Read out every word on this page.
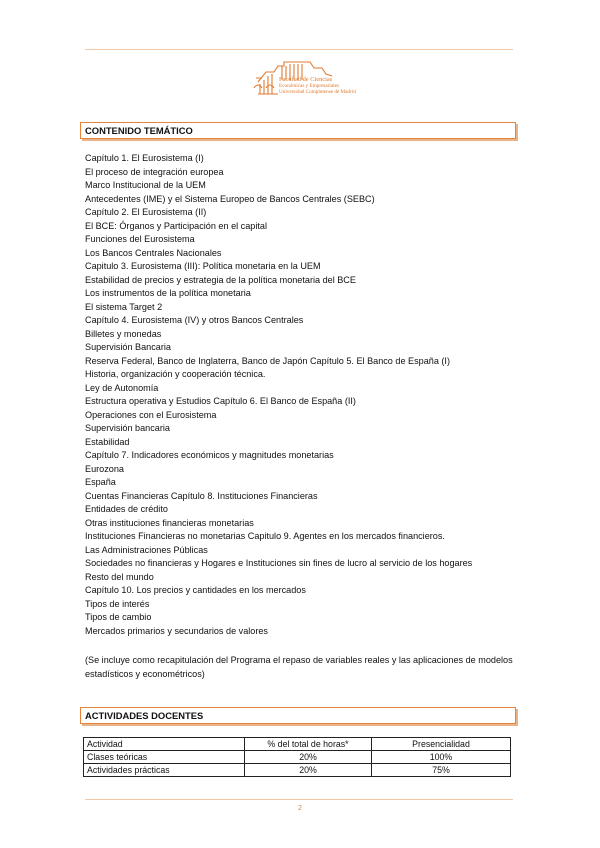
Facultad de Ciencias
Económicas y Empresariales
Universidad Complutense de Madrid
CONTENIDO TEMÁTICO
Capítulo 1. El Eurosistema (I)
El proceso de integración europea
Marco Institucional de la UEM
Antecedentes (IME) y el Sistema Europeo de Bancos Centrales (SEBC)
Capítulo 2. El Eurosistema (II)
El BCE: Órganos y Participación en el capital
Funciones del Eurosistema
Los Bancos Centrales Nacionales
Capitulo 3. Eurosistema (III): Política monetaria en la UEM
Estabilidad de precios y estrategia de la política monetaria del BCE
Los instrumentos de la política monetaria
El sistema Target 2
Capítulo 4. Eurosistema (IV) y otros Bancos Centrales
Billetes y monedas
Supervisión Bancaria
Reserva Federal, Banco de Inglaterra, Banco de Japón Capítulo 5. El Banco de España (I)
Historia, organización y cooperación técnica.
Ley de Autonomía
Estructura operativa y Estudios Capítulo 6. El Banco de España (II)
Operaciones con el Eurosistema
Supervisión bancaria
Estabilidad
Capítulo 7. Indicadores económicos y magnitudes monetarias
Eurozona
España
Cuentas Financieras Capítulo 8. Instituciones Financieras
Entidades de crédito
Otras instituciones financieras monetarias
Instituciones Financieras no monetarias Capitulo 9. Agentes en los mercados financieros.
Las Administraciones Públicas
Sociedades no financieras y Hogares e Instituciones sin fines de lucro al servicio de los hogares
Resto del mundo
Capítulo 10. Los precios y cantidades en los mercados
Tipos de interés
Tipos de cambio
Mercados primarios y secundarios de valores
(Se incluye como recapitulación del Programa el repaso de variables reales y las aplicaciones de modelos estadísticos y econométricos)
ACTIVIDADES DOCENTES
Actividad	% del total de horas*	Presencialidad
Clases teóricas	20%	100%
Actividades prácticas	20%	75%
2
